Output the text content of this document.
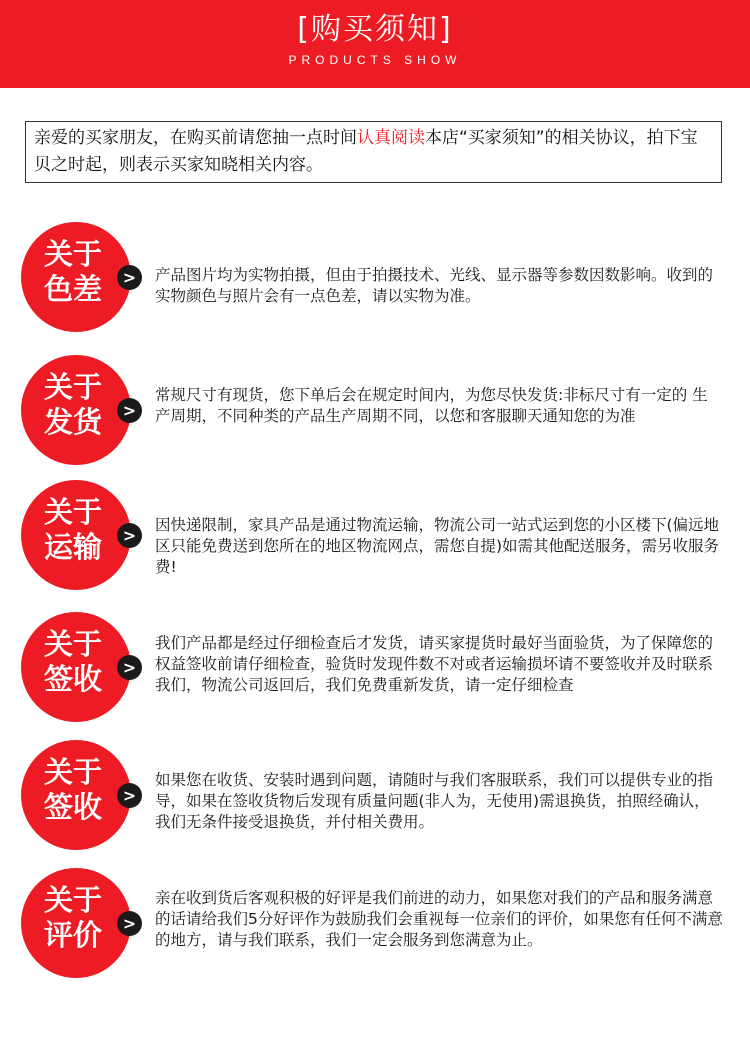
[购买须知]
PRODUCTS SHOW
亲爱的买家朋友，在购买前请您抽一点时间认真阅读本店“买家须知”的相关协议，拍下宝贝之时起，则表示买家知晓相关内容。
关于
色差	>	产品图片均为实物拍摄，但由于拍摄技术、光线、显示器等参数因数影响。收到的实物颜色与照片会有一点色差，请以实物为准。
关于
发货	>
常规尺寸有现货，您下单后会在规定时间内，为您尽快发货:非标尺寸有一定的 生产周期，不同种类的产品生产周期不同，以您和客服聊天通知您的为准
关于
运输	>
因快递限制，家具产品是通过物流运输，物流公司一站式运到您的小区楼下(偏远地区只能免费送到您所在的地区物流网点，需您自提)如需其他配送服务，需另收服务费!
关于
签收	>
我们产品都是经过仔细检查后才发货，请买家提货时最好当面验货，为了保障您的权益签收前请仔细检查，验货时发现件数不对或者运输损坏请不要签收并及时联系我们，物流公司返回后，我们免费重新发货，请一定仔细检查
关于
签收	>
如果您在收货、安装时遇到问题，请随时与我们客服联系，我们可以提供专业的指导，如果在签收货物后发现有质量问题(非人为，无使用)需退换货，拍照经确认，我们无条件接受退换货，并付相关费用。
关于
评价	>
亲在收到货后客观积极的好评是我们前进的动力，如果您对我们的产品和服务满意的话请给我们5分好评作为鼓励我们会重视每一位亲们的评价，如果您有任何不满意的地方，请与我们联系，我们一定会服务到您满意为止。
